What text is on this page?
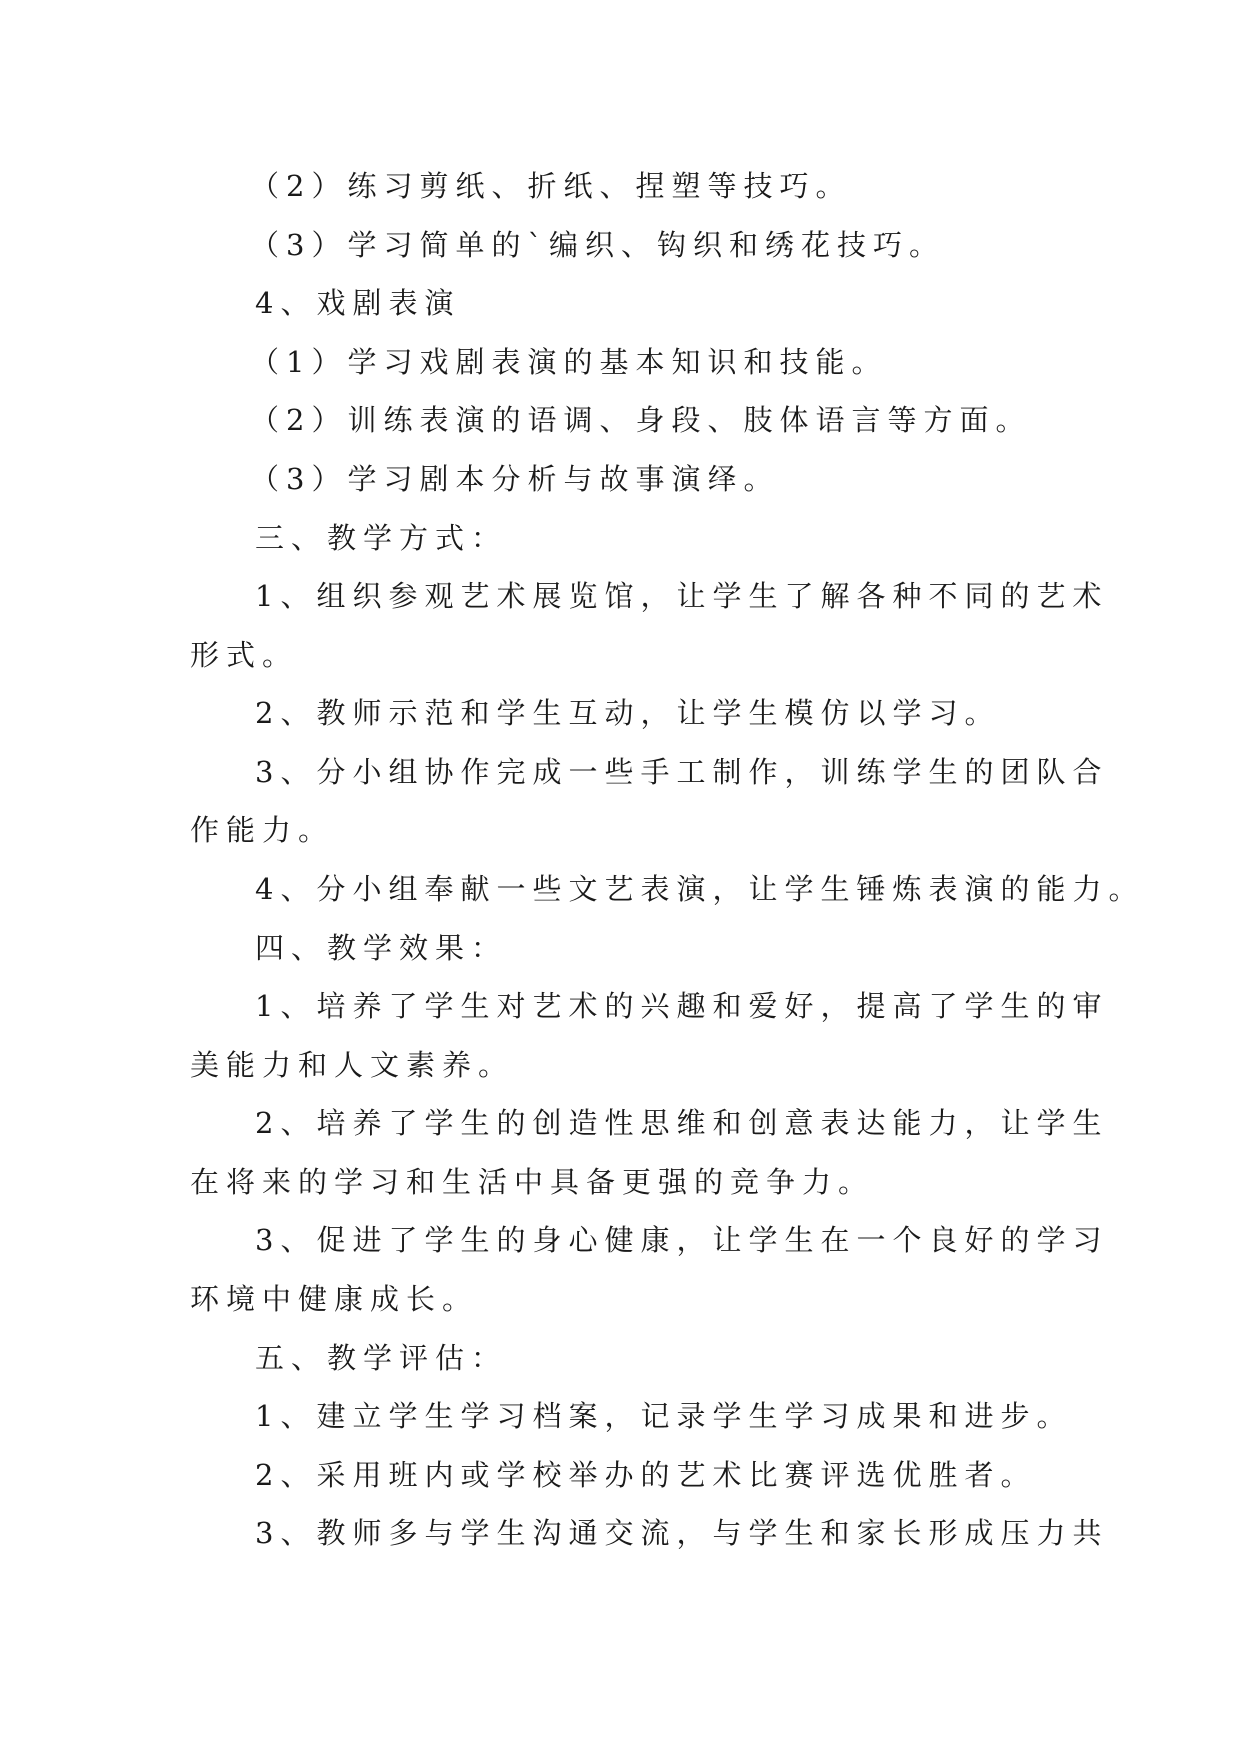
（2）练习剪纸、折纸、捏塑等技巧。
（3）学习简单的`编织、钩织和绣花技巧。
4、戏剧表演
（1）学习戏剧表演的基本知识和技能。
（2）训练表演的语调、身段、肢体语言等方面。
（3）学习剧本分析与故事演绎。
三、教学方式：
1、组织参观艺术展览馆，让学生了解各种不同的艺术
形式。
2、教师示范和学生互动，让学生模仿以学习。
3、分小组协作完成一些手工制作，训练学生的团队合
作能力。
4、分小组奉献一些文艺表演，让学生锤炼表演的能力。
四、教学效果：
1、培养了学生对艺术的兴趣和爱好，提高了学生的审
美能力和人文素养。
2、培养了学生的创造性思维和创意表达能力，让学生
在将来的学习和生活中具备更强的竞争力。
3、促进了学生的身心健康，让学生在一个良好的学习
环境中健康成长。
五、教学评估：
1、建立学生学习档案，记录学生学习成果和进步。
2、采用班内或学校举办的艺术比赛评选优胜者。
3、教师多与学生沟通交流，与学生和家长形成压力共
